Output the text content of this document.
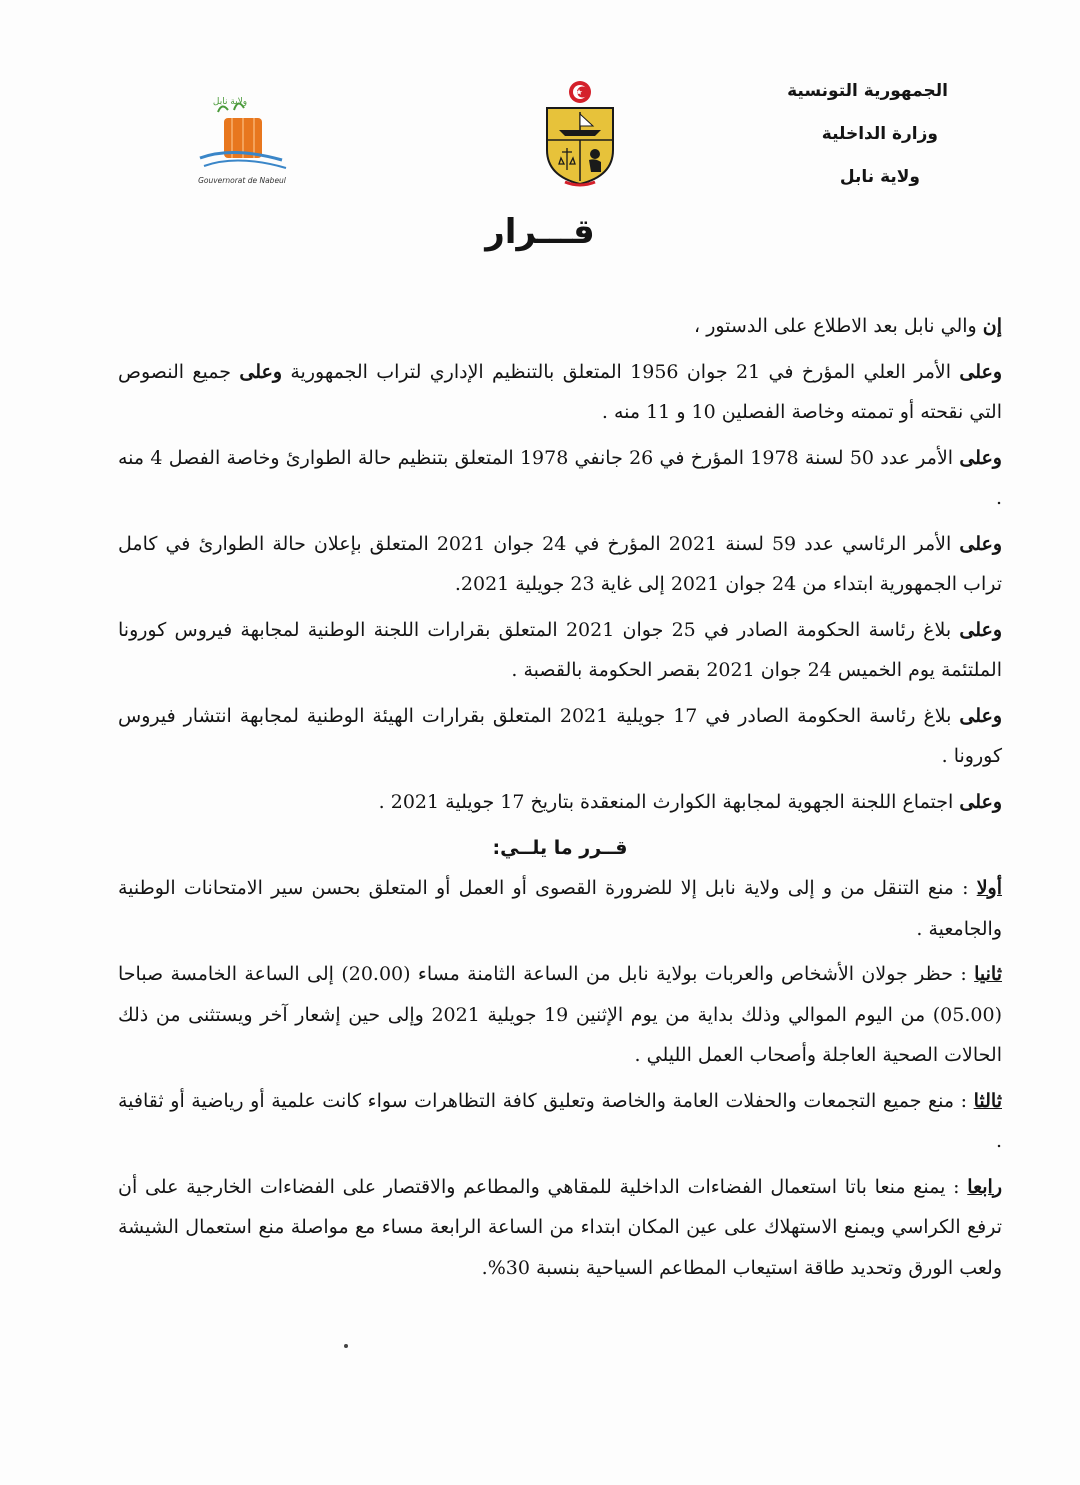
الجمهورية التونسية
وزارة الداخلية
ولاية نابل
ولاية نابل
Gouvernorat de Nabeul
قـــرار

إن والي نابل بعد الاطلاع على الدستور ،

وعلى الأمر العلي المؤرخ في 21 جوان 1956 المتعلق بالتنظيم الإداري لتراب الجمهورية وعلى جميع النصوص التي نقحته أو تممته وخاصة الفصلين 10 و 11 منه .

وعلى الأمر عدد 50 لسنة 1978 المؤرخ في 26 جانفي 1978 المتعلق بتنظيم حالة الطوارئ وخاصة الفصل 4 منه .

وعلى الأمر الرئاسي عدد 59 لسنة 2021 المؤرخ في 24 جوان 2021 المتعلق بإعلان حالة الطوارئ في كامل تراب الجمهورية ابتداء من 24 جوان 2021 إلى غاية 23 جويلية 2021.

وعلى بلاغ رئاسة الحكومة الصادر في 25 جوان 2021 المتعلق بقرارات اللجنة الوطنية لمجابهة فيروس كورونا الملتئمة يوم الخميس 24 جوان 2021 بقصر الحكومة بالقصبة .

وعلى بلاغ رئاسة الحكومة الصادر في 17 جويلية 2021 المتعلق بقرارات الهيئة الوطنية لمجابهة انتشار فيروس كورونا .

وعلى اجتماع اللجنة الجهوية لمجابهة الكوارث المنعقدة بتاريخ 17 جويلية 2021 .

قــرر ما يلــي:

أولا : منع التنقل من و إلى ولاية نابل إلا للضرورة القصوى أو العمل أو المتعلق بحسن سير الامتحانات الوطنية والجامعية .

ثانيا : حظر جولان الأشخاص والعربات بولاية نابل من الساعة الثامنة مساء (20.00) إلى الساعة الخامسة صباحا (05.00) من اليوم الموالي وذلك بداية من يوم الإثنين 19 جويلية 2021 وإلى حين إشعار آخر ويستثنى من ذلك الحالات الصحية العاجلة وأصحاب العمل الليلي .

ثالثا : منع جميع التجمعات والحفلات العامة والخاصة وتعليق كافة التظاهرات سواء كانت علمية أو رياضية أو ثقافية .

رابعا : يمنع منعا باتا استعمال الفضاءات الداخلية للمقاهي والمطاعم والاقتصار على الفضاءات الخارجية على أن ترفع الكراسي ويمنع الاستهلاك على عين المكان ابتداء من الساعة الرابعة مساء مع مواصلة منع استعمال الشيشة ولعب الورق وتحديد طاقة استيعاب المطاعم السياحية بنسبة 30%.
